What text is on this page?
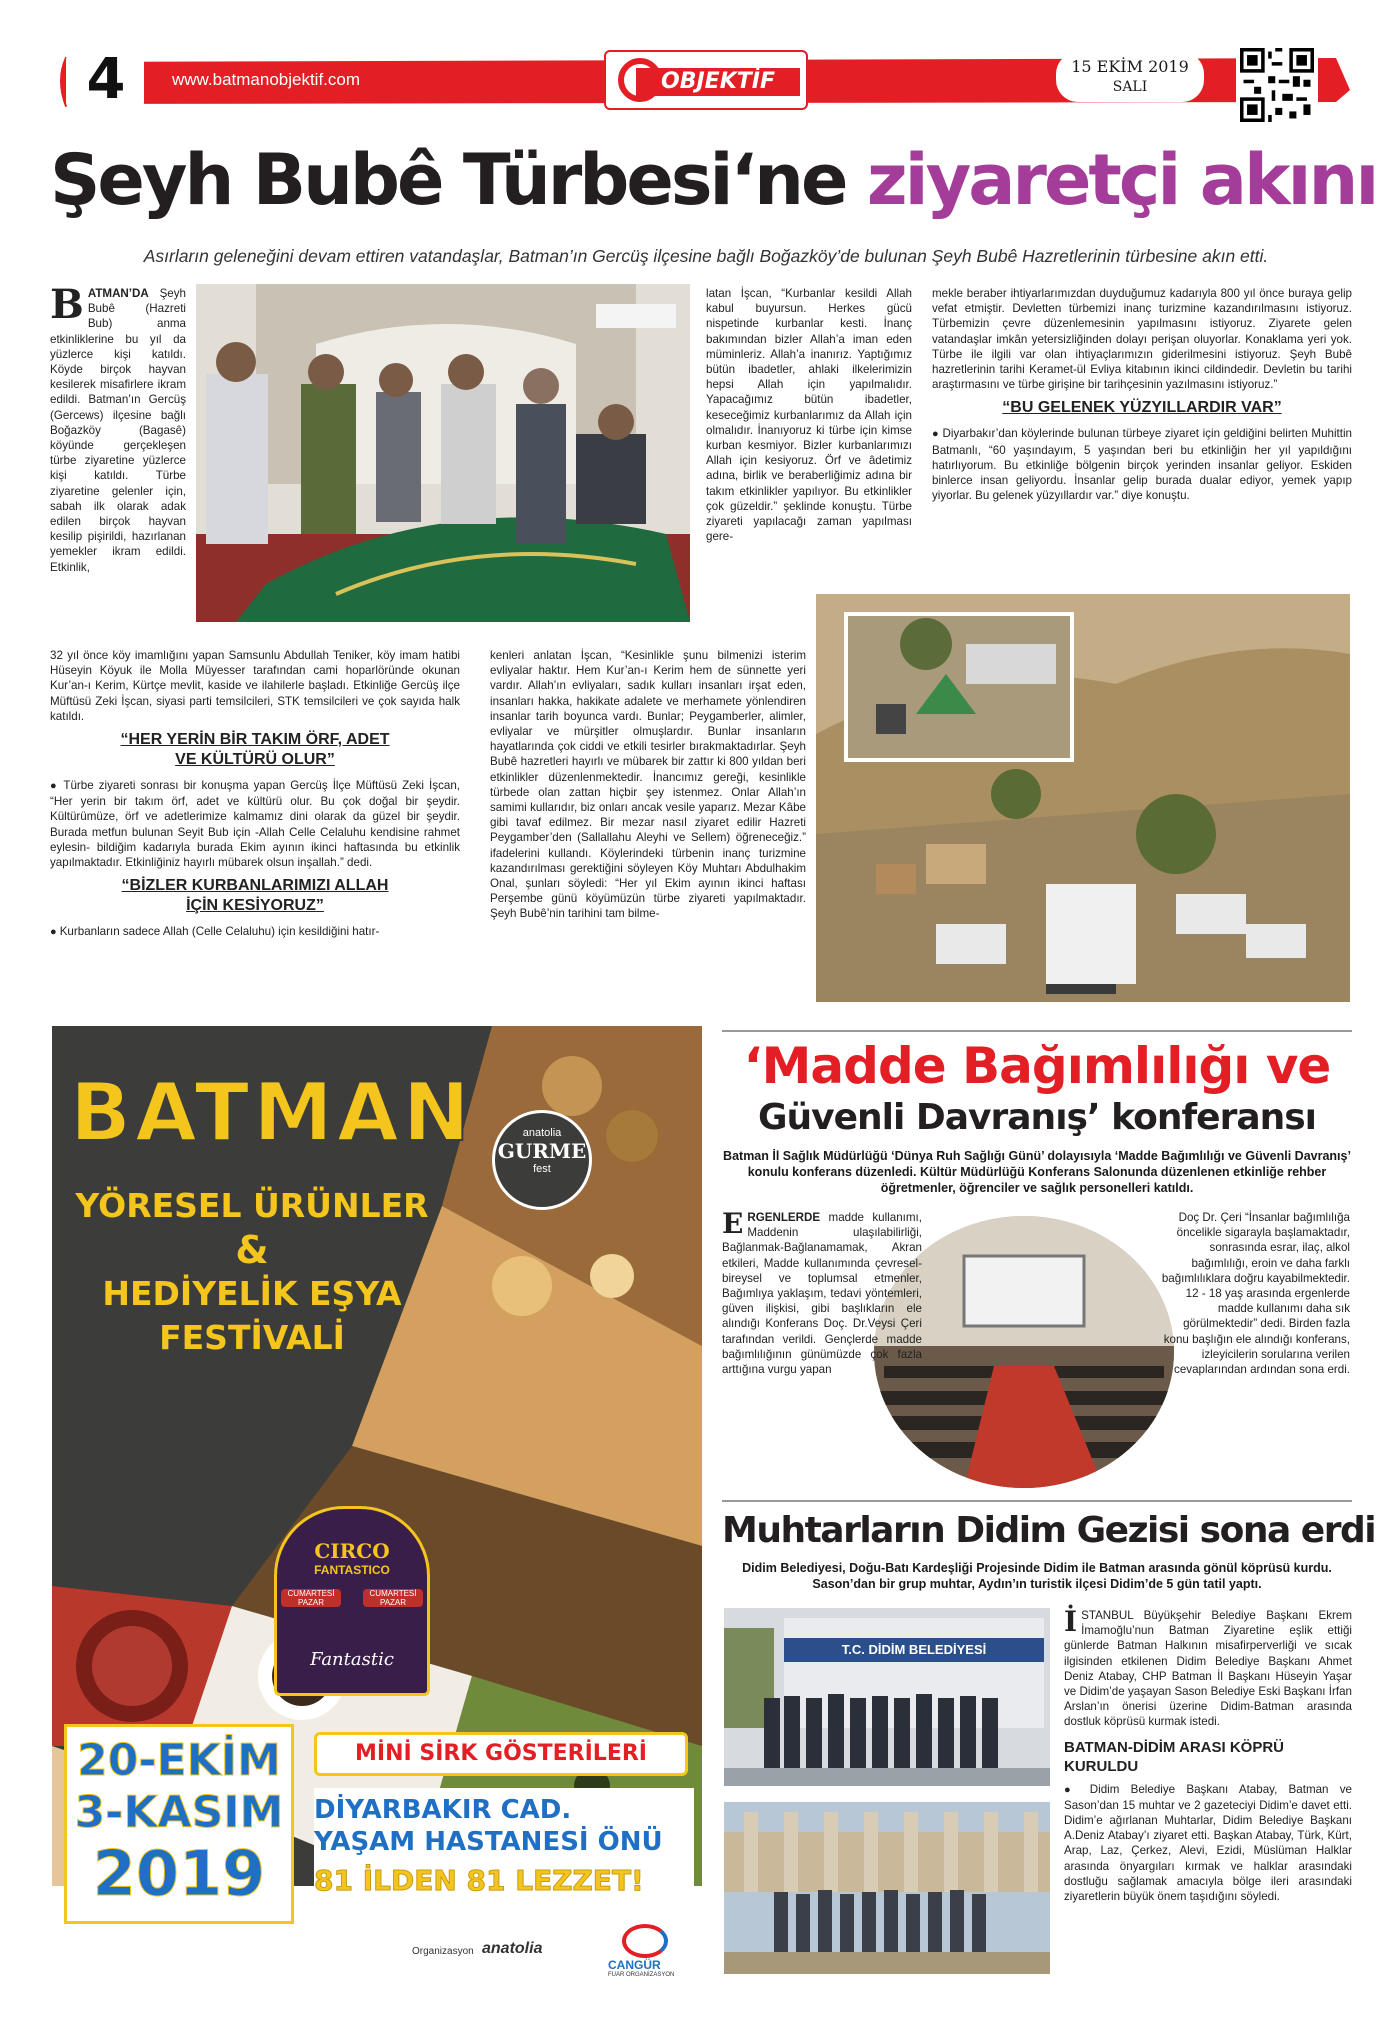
4	www.batmanobjektif.com	OBJEKTİF
15 EKİM 2019
SALI
Şeyh Bubê Türbesi‘ne ziyaretçi akını
Asırların geleneğini devam ettiren vatandaşlar, Batman’ın Gercüş ilçesine bağlı Boğazköy’de bulunan Şeyh Bubê Hazretlerinin türbesine akın etti.
BATMAN’DA Şeyh Bubê (Hazreti Bub) anma etkinliklerine bu yıl da yüzlerce kişi katıldı. Köyde birçok hayvan kesilerek misafirlere ikram edildi. Batman’ın Gercüş (Gercews) ilçesine bağlı Boğazköy (Bagasê) köyünde gerçekleşen türbe ziyaretine yüzlerce kişi katıldı. Türbe ziyaretine gelenler için, sabah ilk olarak adak edilen birçok hayvan kesilip pişirildi, hazırlanan yemekler ikram edildi. Etkinlik,

32 yıl önce köy imamlığını yapan Samsunlu Abdullah Teniker, köy imam hatibi Hüseyin Köyuk ile Molla Müyesser tarafından cami hoparlöründe okunan Kur’an-ı Kerim, Kürtçe mevlit, kaside ve ilahilerle başladı. Etkinliğe Gercüş ilçe Müftüsü Zeki İşcan, siyasi parti temsilcileri, STK temsilcileri ve çok sayıda halk katıldı.

“HER YERİN BİR TAKIM ÖRF, ADET VE KÜLTÜRÜ OLUR”

● Türbe ziyareti sonrası bir konuşma yapan Gercüş İlçe Müftüsü Zeki İşcan, “Her yerin bir takım örf, adet ve kültürü olur. Bu çok doğal bir şeydir. Kültürümüze, örf ve adetlerimize kalmamız dini olarak da güzel bir şeydir. Burada metfun bulunan Seyit Bub için -Allah Celle Celaluhu kendisine rahmet eylesin- bildiğim kadarıyla burada Ekim ayının ikinci haftasında bu etkinlik yapılmaktadır. Etkinliğiniz hayırlı mübarek olsun inşallah.” dedi.

“BİZLER KURBANLARIMIZI ALLAH İÇİN KESİYORUZ”

● Kurbanların sadece Allah (Celle Celaluhu) için kesildiğini hatır-

latan İşcan, “Kurbanlar kesildi Allah kabul buyursun. Herkes gücü nispetinde kurbanlar kesti. İnanç bakımından bizler Allah’a iman eden müminleriz. Allah’a inanırız. Yaptığımız bütün ibadetler, ahlaki ilkelerimizin hepsi Allah için yapılmalıdır. Yapacağımız bütün ibadetler, keseceğimiz kurbanlarımız da Allah için olmalıdır. İnanıyoruz ki türbe için kimse kurban kesmiyor. Bizler kurbanlarımızı Allah için kesiyoruz. Örf ve âdetimiz adına, birlik ve beraberliğimiz adına bir takım etkinlikler yapılıyor. Bu etkinlikler çok güzeldir.” şeklinde konuştu. Türbe ziyareti yapılacağı zaman yapılması gere-
kenleri anlatan İşcan, “Kesinlikle şunu bilmenizi isterim evliyalar haktır. Hem Kur’an-ı Kerim hem de sünnette yeri vardır. Allah’ın evliyaları, sadık kulları insanları irşat eden, insanları hakka, hakikate adalete ve merhamete yönlendiren insanlar tarih boyunca vardı. Bunlar; Peygamberler, alimler, evliyalar ve mürşitler olmuşlardır. Bunlar insanların hayatlarında çok ciddi ve etkili tesirler bırakmaktadırlar. Şeyh Bubê hazretleri hayırlı ve mübarek bir zattır ki 800 yıldan beri etkinlikler düzenlenmektedir. İnancımız gereği, kesinlikle türbede olan zattan hiçbir şey istenmez. Onlar Allah’ın samimi kullarıdır, biz onları ancak vesile yaparız. Mezar Kâbe gibi tavaf edilmez. Bir mezar nasıl ziyaret edilir Hazreti Peygamber’den (Sallallahu Aleyhi ve Sellem) öğreneceğiz.” ifadelerini kullandı. Köylerindeki türbenin inanç turizmine kazandırılması gerektiğini söyleyen Köy Muhtarı Abdulhakim Onal, şunları söyledi: “Her yıl Ekim ayının ikinci haftası Perşembe günü köyümüzün türbe ziyareti yapılmaktadır. Şeyh Bubê’nin tarihini tam bilme-

mekle beraber ihtiyarlarımızdan duyduğumuz kadarıyla 800 yıl önce buraya gelip vefat etmiştir. Devletten türbemizi inanç turizmine kazandırılmasını istiyoruz. Türbemizin çevre düzenlemesinin yapılmasını istiyoruz. Ziyarete gelen vatandaşlar imkân yetersizliğinden dolayı perişan oluyorlar. Konaklama yeri yok. Türbe ile ilgili var olan ihtiyaçlarımızın giderilmesini istiyoruz. Şeyh Bubê hazretlerinin tarihi Keramet-ül Evliya kitabının ikinci cildindedir. Devletin bu tarihi araştırmasını ve türbe girişine bir tarihçesinin yazılmasını istiyoruz.”

“BU GELENEK YÜZYILLARDIR VAR”

● Diyarbakır’dan köylerinde bulunan türbeye ziyaret için geldiğini belirten Muhittin Batmanlı, “60 yaşındayım, 5 yaşından beri bu etkinliğin her yıl yapıldığını hatırlıyorum. Bu etkinliğe bölgenin birçok yerinden insanlar geliyor. Eskiden binlerce insan geliyordu. İnsanlar gelip burada dualar ediyor, yemek yapıp yiyorlar. Bu gelenek yüzyıllardır var.” diye konuştu.

BATMAN	anatolia
GURME
fest
YÖRESEL ÜRÜNLER
&
HEDİYELİK EŞYA
FESTİVALİ
CIRCO
FANTASTICO
CUMARTESİ PAZAR
CUMARTESİ PAZAR
Fantastic
20-EKİM
3-KASIM
2019
MİNİ SİRK GÖSTERİLERİ
DİYARBAKIR CAD.
YAŞAM HASTANESİ ÖNÜ
81 İLDEN 81 LEZZET!
Organizasyon anatolia
CANGÜR
FUAR ORGANİZASYON
‘Madde Bağımlılığı ve
Güvenli Davranış’ konferansı
Batman İl Sağlık Müdürlüğü ‘Dünya Ruh Sağlığı Günü’ dolayısıyla ‘Madde Bağımlılığı ve Güvenli Davranış’ konulu konferans düzenledi. Kültür Müdürlüğü Konferans Salonunda düzenlenen etkinliğe rehber öğretmenler, öğrenciler ve sağlık personelleri katıldı.
ERGENLERDE madde kullanımı, Maddenin ulaşılabilirliği, Bağlanmak-Bağlanamamak, Akran etkileri, Madde kullanımında çevresel-bireysel ve toplumsal etmenler, Bağımlıya yaklaşım, tedavi yöntemleri, güven ilişkisi, gibi başlıkların ele alındığı Konferans Doç. Dr.Veysi Çeri tarafından verildi. Gençlerde madde bağımlılığının günümüzde çok fazla arttığına vurgu yapan
Doç Dr. Çeri “İnsanlar bağımlılığa öncelikle sigarayla başlamaktadır, sonrasında esrar, ilaç, alkol bağımlılığı, eroin ve daha farklı bağımlılıklara doğru kayabilmektedir. 12 - 18 yaş arasında ergenlerde madde kullanımı daha sık görülmektedir” dedi. Birden fazla konu başlığın ele alındığı konferans, izleyicilerin sorularına verilen cevaplarından ardından sona erdi.
Muhtarların Didim Gezisi sona erdi
Didim Belediyesi, Doğu-Batı Kardeşliği Projesinde Didim ile Batman arasında gönül köprüsü kurdu. Sason’dan bir grup muhtar, Aydın’ın turistik ilçesi Didim’de 5 gün tatil yaptı.
T.C. DİDİM BELEDİYESİ

İSTANBUL Büyükşehir Belediye Başkanı Ekrem İmamoğlu’nun Batman Ziyaretine eşlik ettiği günlerde Batman Halkının misafirperverliği ve sıcak ilgisinden etkilenen Didim Belediye Başkanı Ahmet Deniz Atabay, CHP Batman İl Başkanı Hüseyin Yaşar ve Didim’de yaşayan Sason Belediye Eski Başkanı İrfan Arslan’ın önerisi üzerine Didim-Batman arasında dostluk köprüsü kurmak istedi.

BATMAN-DİDİM ARASI KÖPRÜ KURULDU

● Didim Belediye Başkanı Atabay, Batman ve Sason’dan 15 muhtar ve 2 gazeteciyi Didim’e davet etti. Didim’e ağırlanan Muhtarlar, Didim Belediye Başkanı A.Deniz Atabay’ı ziyaret etti. Başkan Atabay, Türk, Kürt, Arap, Laz, Çerkez, Alevi, Ezidi, Müslüman Halklar arasında önyargıları kırmak ve halklar arasındaki dostluğu sağlamak amacıyla bölge ileri arasındaki ziyaretlerin büyük önem taşıdığını söyledi.
